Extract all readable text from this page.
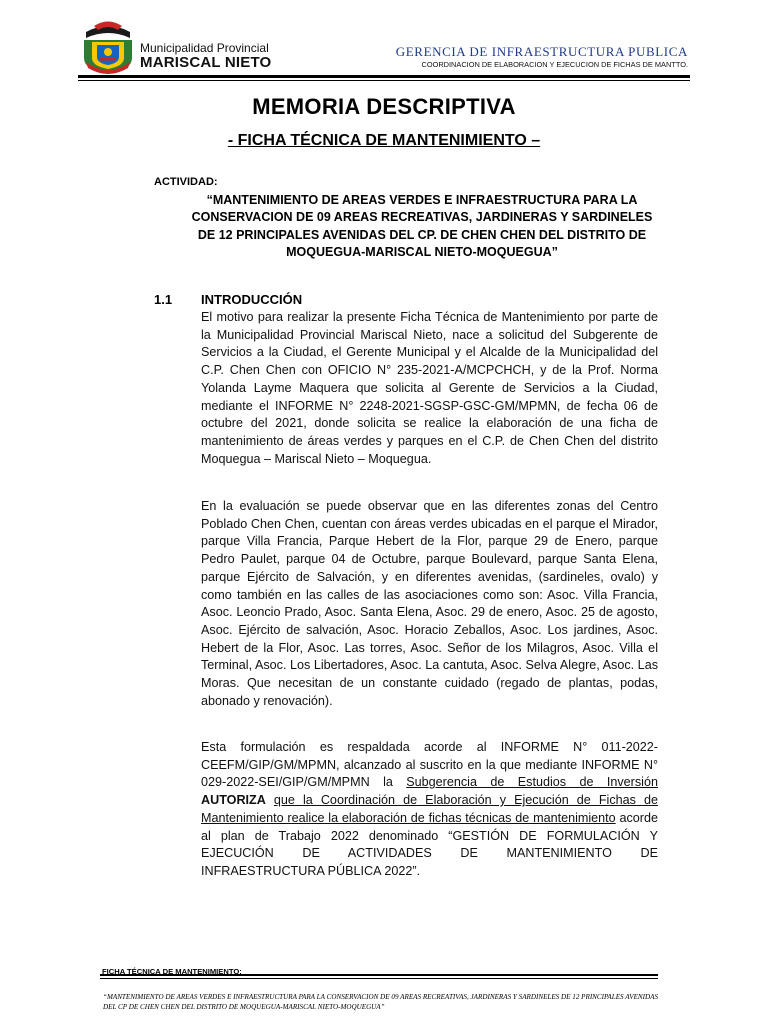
Municipalidad Provincial
MARISCAL NIETO
GERENCIA DE INFRAESTRUCTURA PUBLICA
COORDINACION DE ELABORACION Y EJECUCION DE FICHAS DE MANTTO.
MEMORIA DESCRIPTIVA
- FICHA TÉCNICA DE MANTENIMIENTO –
ACTIVIDAD:
“MANTENIMIENTO DE AREAS VERDES E INFRAESTRUCTURA PARA LA CONSERVACION DE 09 AREAS RECREATIVAS, JARDINERAS Y SARDINELES DE 12 PRINCIPALES AVENIDAS DEL CP. DE CHEN CHEN DEL DISTRITO DE MOQUEGUA-MARISCAL NIETO-MOQUEGUA”
1.1 INTRODUCCIÓN

El motivo para realizar la presente Ficha Técnica de Mantenimiento por parte de la Municipalidad Provincial Mariscal Nieto, nace a solicitud del Subgerente de Servicios a la Ciudad, el Gerente Municipal y el Alcalde de la Municipalidad del C.P. Chen Chen con OFICIO N° 235-2021-A/MCPCHCH, y de la Prof. Norma Yolanda Layme Maquera que solicita al Gerente de Servicios a la Ciudad, mediante el INFORME N° 2248-2021-SGSP-GSC-GM/MPMN, de fecha 06 de octubre del 2021, donde solicita se realice la elaboración de una ficha de mantenimiento de áreas verdes y parques en el C.P. de Chen Chen del distrito Moquegua – Mariscal Nieto – Moquegua.

En la evaluación se puede observar que en las diferentes zonas del Centro Poblado Chen Chen, cuentan con áreas verdes ubicadas en el parque el Mirador, parque Villa Francia, Parque Hebert de la Flor, parque 29 de Enero, parque Pedro Paulet, parque 04 de Octubre, parque Boulevard, parque Santa Elena, parque Ejército de Salvación, y en diferentes avenidas, (sardineles, ovalo) y como también en las calles de las asociaciones como son: Asoc. Villa Francia, Asoc. Leoncio Prado, Asoc. Santa Elena, Asoc. 29 de enero, Asoc. 25 de agosto, Asoc. Ejército de salvación, Asoc. Horacio Zeballos, Asoc. Los jardines, Asoc. Hebert de la Flor, Asoc. Las torres, Asoc. Señor de los Milagros, Asoc. Villa el Terminal, Asoc. Los Libertadores, Asoc. La cantuta, Asoc. Selva Alegre, Asoc. Las Moras. Que necesitan de un constante cuidado (regado de plantas, podas, abonado y renovación).

Esta formulación es respaldada acorde al INFORME N° 011-2022-CEEFM/GIP/GM/MPMN, alcanzado al suscrito en la que mediante INFORME N° 029-2022-SEI/GIP/GM/MPMN la Subgerencia de Estudios de Inversión AUTORIZA que la Coordinación de Elaboración y Ejecución de Fichas de Mantenimiento realice la elaboración de fichas técnicas de mantenimiento acorde al plan de Trabajo 2022 denominado “GESTIÓN DE FORMULACIÓN Y EJECUCIÓN DE ACTIVIDADES DE MANTENIMIENTO DE INFRAESTRUCTURA PÚBLICA 2022”.

FICHA TÉCNICA DE MANTENIMIENTO:
“MANTENIMIENTO DE AREAS VERDES E INFRAESTRUCTURA PARA LA CONSERVACION DE 09 AREAS RECREATIVAS, JARDINERAS Y SARDINELES DE 12 PRINCIPALES AVENIDAS DEL CP DE CHEN CHEN DEL DISTRITO DE MOQUEGUA-MARISCAL NIETO-MOQUEGUA”
